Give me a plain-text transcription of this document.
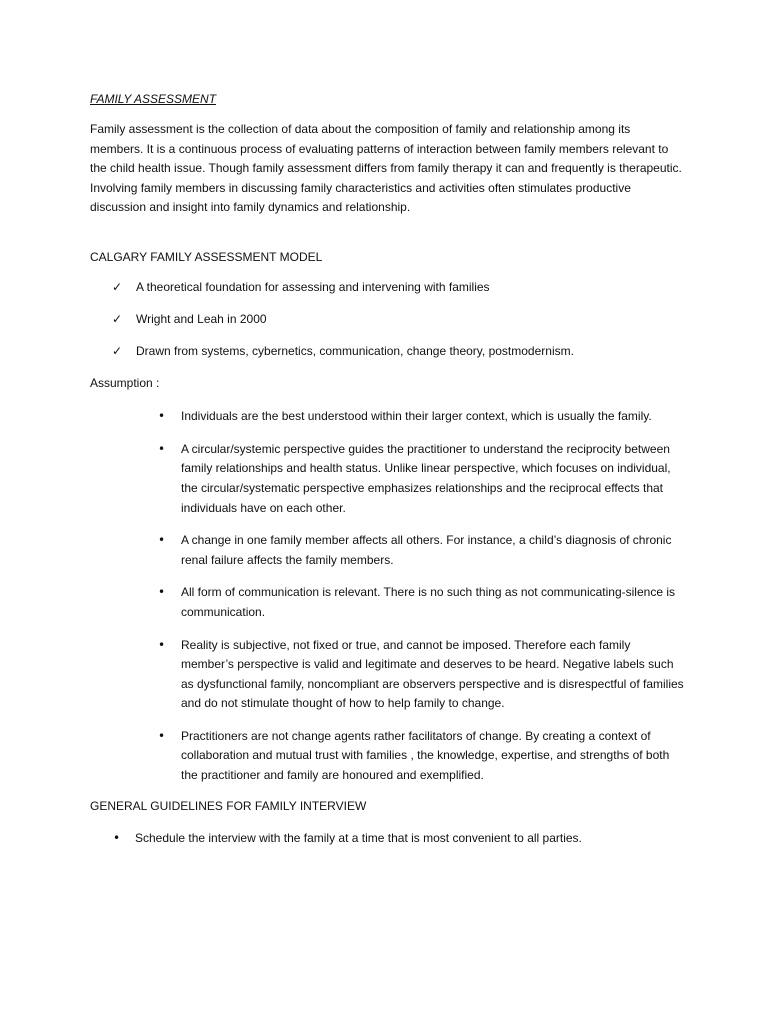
FAMILY ASSESSMENT

Family assessment is the collection of data about the composition of family and relationship among its members. It is a continuous process of evaluating patterns of interaction between family members relevant to the child health issue. Though family assessment differs from family therapy it can and frequently is therapeutic. Involving family members in discussing family characteristics and activities often stimulates productive discussion and insight into family dynamics and relationship.

CALGARY FAMILY ASSESSMENT MODEL

✓ A theoretical foundation for assessing and intervening with families
✓ Wright and Leah in 2000
✓ Drawn from systems, cybernetics, communication, change theory, postmodernism.

Assumption :

• Individuals are the best understood within their larger context, which is usually the family.
• A circular/systemic perspective guides the practitioner to understand the reciprocity between family relationships and health status. Unlike linear perspective, which focuses on individual, the circular/systematic perspective emphasizes relationships and the reciprocal effects that individuals have on each other.
• A change in one family member affects all others. For instance, a child’s diagnosis of chronic renal failure affects the family members.
• All form of communication is relevant. There is no such thing as not communicating-silence is communication.
• Reality is subjective, not fixed or true, and cannot be imposed. Therefore each family member’s perspective is valid and legitimate and deserves to be heard. Negative labels such as dysfunctional family, noncompliant are observers perspective and is disrespectful of families and do not stimulate thought of how to help family to change.
• Practitioners are not change agents rather facilitators of change. By creating a context of collaboration and mutual trust with families , the knowledge, expertise, and strengths of both the practitioner and family are honoured and exemplified.

GENERAL GUIDELINES FOR FAMILY INTERVIEW

• Schedule the interview with the family at a time that is most convenient to all parties.
